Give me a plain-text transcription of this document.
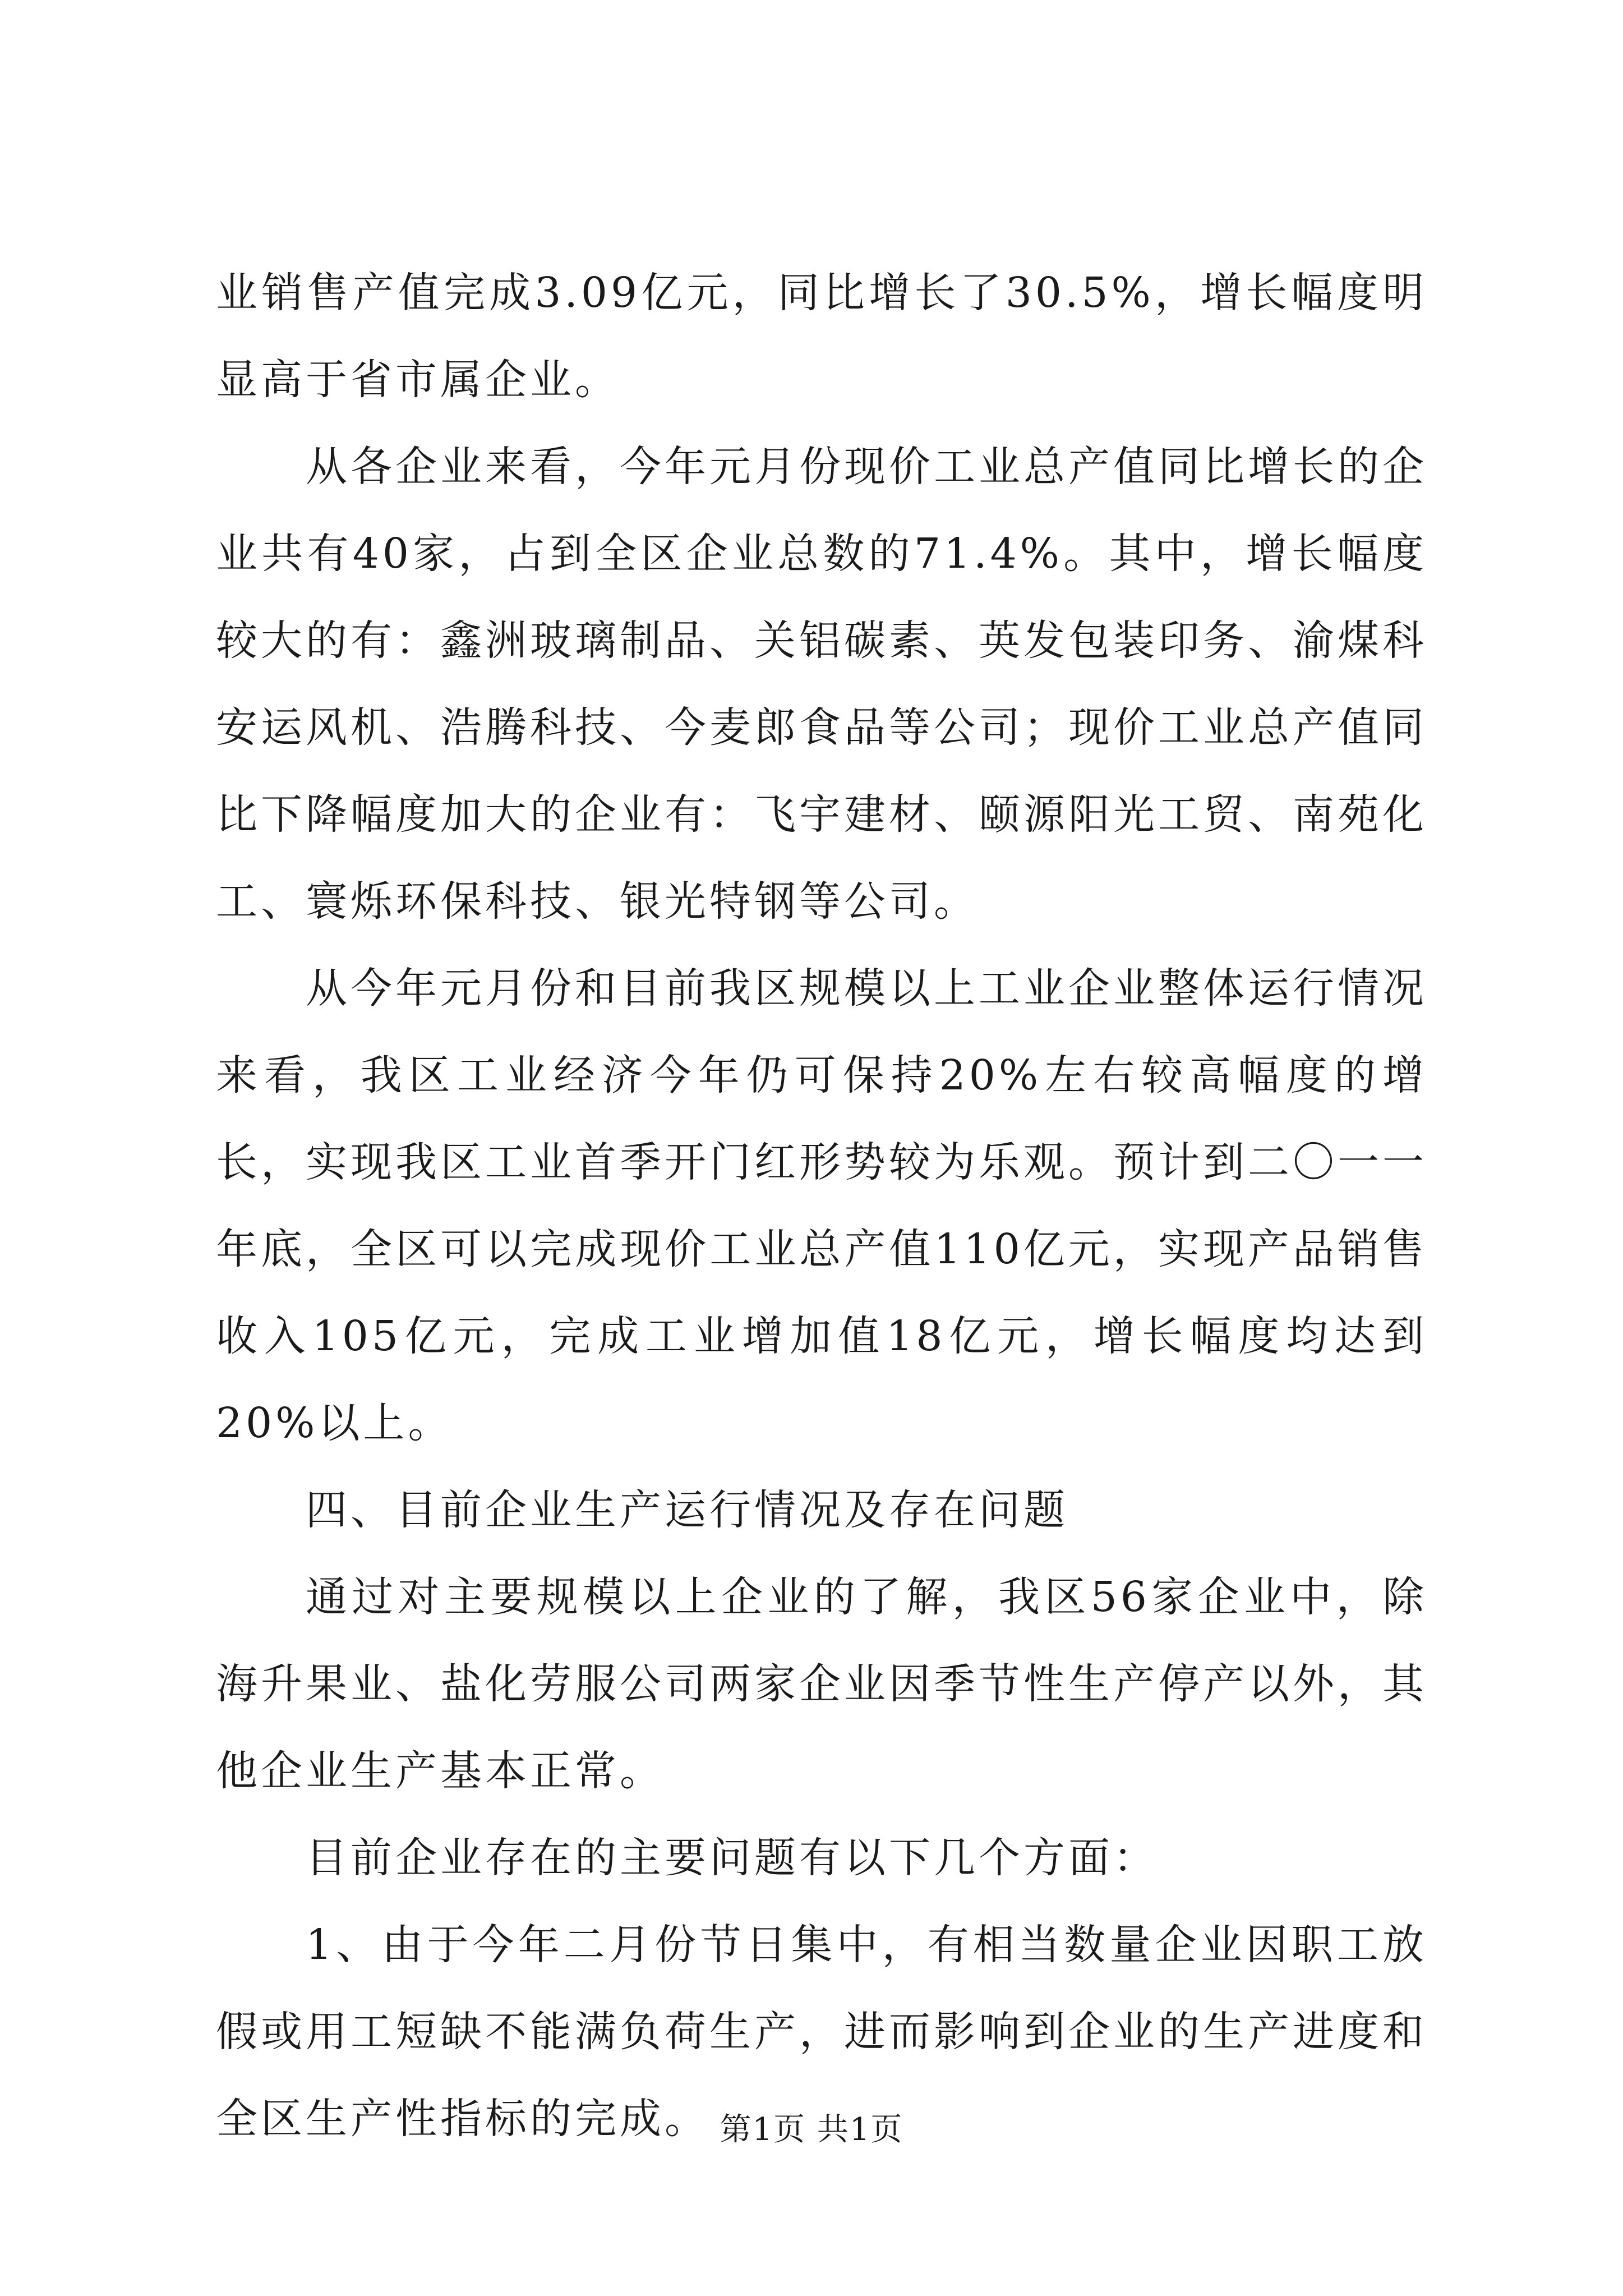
业销售产值完成3.09亿元，同比增长了30.5%，增长幅度明显高于省市属企业。

从各企业来看，今年元月份现价工业总产值同比增长的企业共有40家，占到全区企业总数的71.4%。其中，增长幅度较大的有：鑫洲玻璃制品、关铝碳素、英发包装印务、渝煤科安运风机、浩腾科技、今麦郎食品等公司；现价工业总产值同比下降幅度加大的企业有：飞宇建材、颐源阳光工贸、南苑化工、寰烁环保科技、银光特钢等公司。

从今年元月份和目前我区规模以上工业企业整体运行情况来看，我区工业经济今年仍可保持20%左右较高幅度的增长，实现我区工业首季开门红形势较为乐观。预计到二〇一一年底，全区可以完成现价工业总产值110亿元，实现产品销售收入105亿元，完成工业增加值18亿元，增长幅度均达到20%以上。

四、目前企业生产运行情况及存在问题

通过对主要规模以上企业的了解，我区56家企业中，除海升果业、盐化劳服公司两家企业因季节性生产停产以外，其他企业生产基本正常。

目前企业存在的主要问题有以下几个方面：

1、由于今年二月份节日集中，有相当数量企业因职工放假或用工短缺不能满负荷生产，进而影响到企业的生产进度和全区生产性指标的完成。 第1页 共1页
